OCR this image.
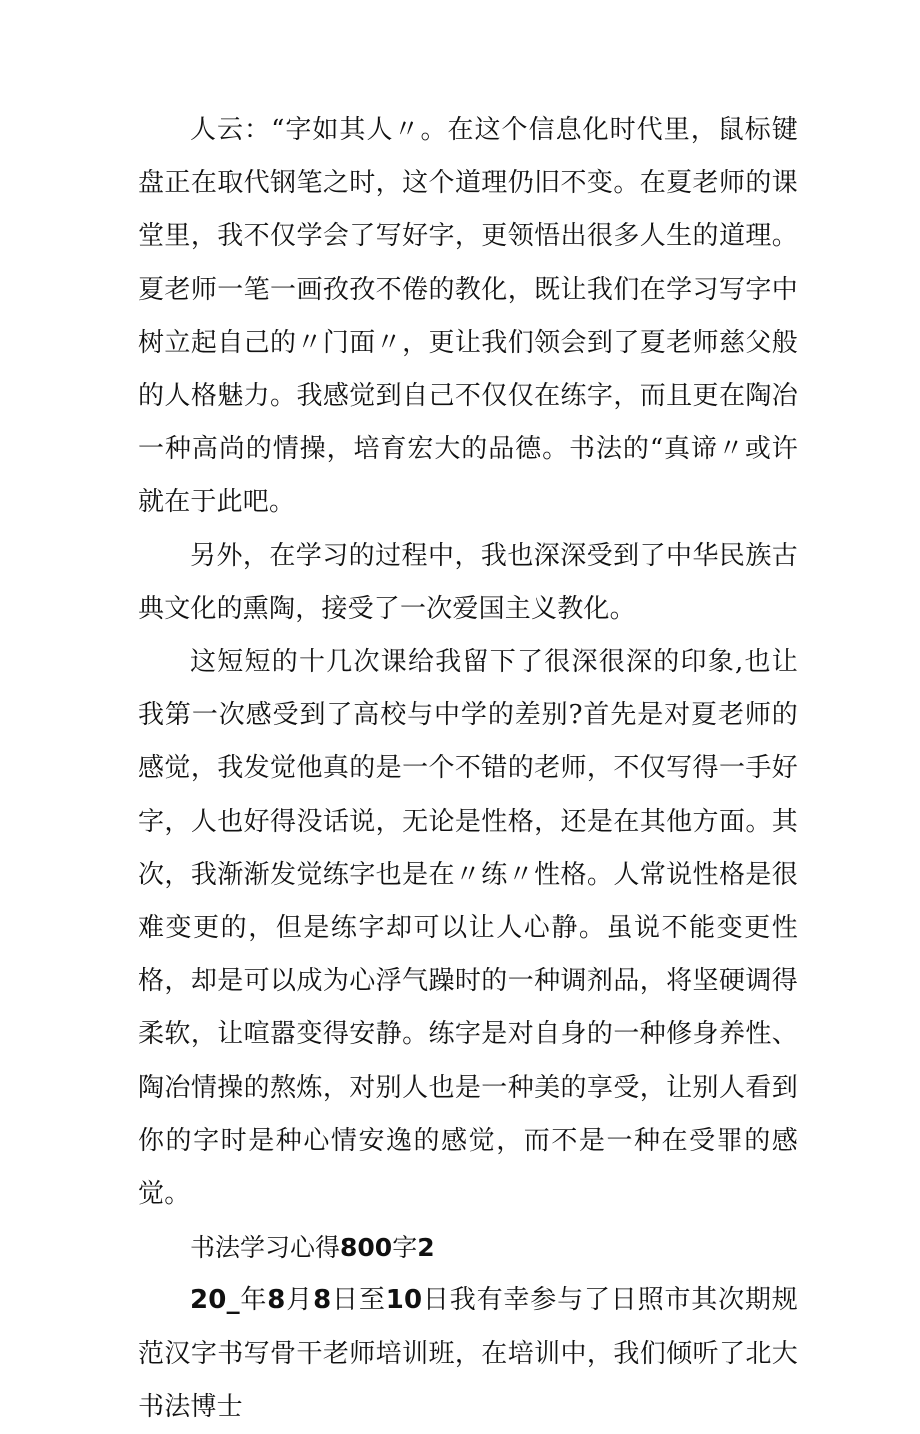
人云：“字如其人〃。在这个信息化时代里，鼠标键盘正在取代钢笔之时，这个道理仍旧不变。在夏老师的课堂里，我不仅学会了写好字，更领悟出很多人生的道理。夏老师一笔一画孜孜不倦的教化，既让我们在学习写字中树立起自己的〃门面〃，更让我们领会到了夏老师慈父般的人格魅力。我感觉到自己不仅仅在练字，而且更在陶冶一种高尚的情操，培育宏大的品德。书法的“真谛〃或许就在于此吧。

另外，在学习的过程中，我也深深受到了中华民族古典文化的熏陶，接受了一次爱国主义教化。

这短短的十几次课给我留下了很深很深的印象,也让我第一次感受到了高校与中学的差别?首先是对夏老师的感觉，我发觉他真的是一个不错的老师，不仅写得一手好字，人也好得没话说，无论是性格，还是在其他方面。其次，我渐渐发觉练字也是在〃练〃性格。人常说性格是很难变更的，但是练字却可以让人心静。虽说不能变更性格，却是可以成为心浮气躁时的一种调剂品，将坚硬调得柔软，让喧嚣变得安静。练字是对自身的一种修身养性、陶冶情操的熬炼，对别人也是一种美的享受，让别人看到你的字时是种心情安逸的感觉，而不是一种在受罪的感觉。

书法学习心得800字2

20_年8月8日至10日我有幸参与了日照市其次期规范汉字书写骨干老师培训班，在培训中，我们倾听了北大书法博士
